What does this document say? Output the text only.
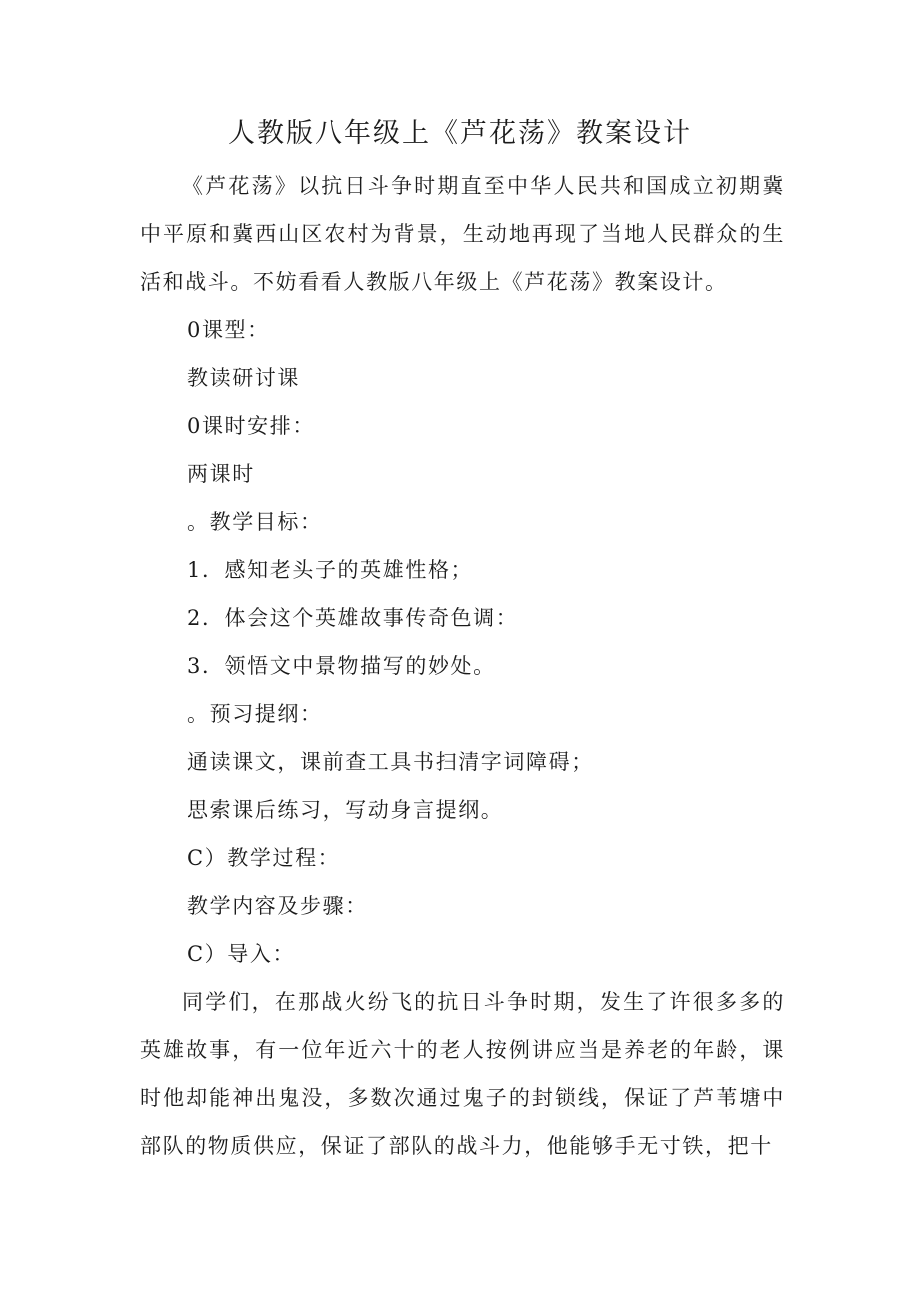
人教版八年级上《芦花荡》教案设计

《芦花荡》以抗日斗争时期直至中华人民共和国成立初期冀中平原和冀西山区农村为背景，生动地再现了当地人民群众的生活和战斗。不妨看看人教版八年级上《芦花荡》教案设计。

0课型：

教读研讨课

0课时安排：

两课时

。教学目标：

1．感知老头子的英雄性格；

2．体会这个英雄故事传奇色调：

3．领悟文中景物描写的妙处。

。预习提纲：

通读课文，课前查工具书扫清字词障碍；

思索课后练习，写动身言提纲。

C）教学过程：

教学内容及步骤：

C）导入：

同学们，在那战火纷飞的抗日斗争时期，发生了许很多多的英雄故事，有一位年近六十的老人按例讲应当是养老的年龄，课时他却能神出鬼没，多数次通过鬼子的封锁线，保证了芦苇塘中部队的物质供应，保证了部队的战斗力，他能够手无寸铁，把十
